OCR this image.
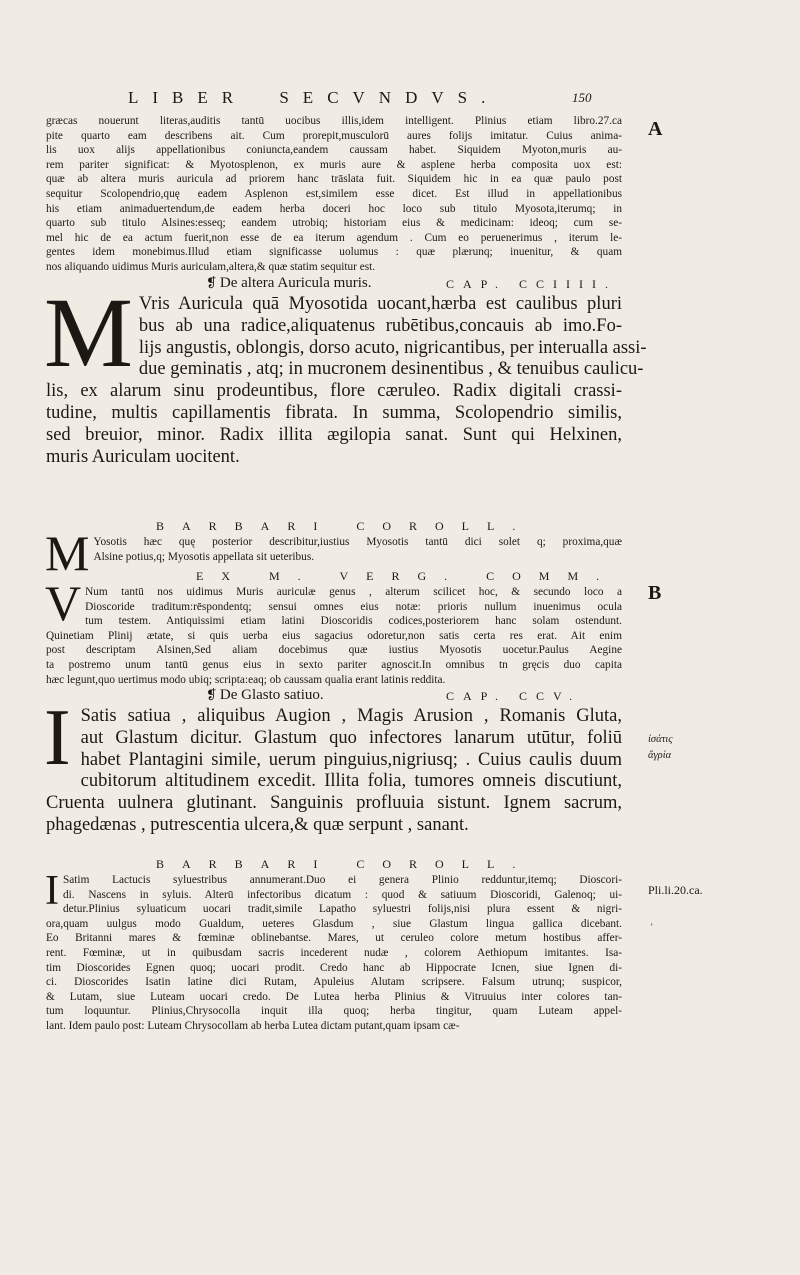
LIBER SECVNDVS.	150
græcas nouerunt literas,auditis tantū uocibus illis,idem intelligent. Plinius etiam libro.27.ca
pite quarto eam describens ait. Cum prorepit,musculorū aures folijs imitatur. Cuius anima-
lis uox alijs appellationibus coniuncta,eandem caussam habet. Siquidem Myoton,muris au-
rem pariter significat: & Myotosplenon, ex muris aure & asplene herba composita uox est:
quæ ab altera muris auricula ad priorem hanc trāslata fuit. Siquidem hic in ea quæ paulo post
sequitur Scolopendrio,quę eadem Asplenon est,similem esse dicet. Est illud in appellationibus
his etiam animaduertendum,de eadem herba doceri hoc loco sub titulo Myosota,iterumq; in
quarto sub titulo Alsines:esseq; eandem utrobiq; historiam eius & medicinam: ideoq; cum se-
mel hic de ea actum fuerit,non esse de ea iterum agendum . Cum eo peruenerimus , iterum le-
gentes idem monebimus.Illud etiam significasse uolumus : quæ plærunq; inuenitur, & quam
nos aliquando uidimus Muris auriculam,altera,& quæ statim sequitur est.
❡ De altera Auricula muris.	CAP. CCIIII.
M Vris Auricula quā Myosotida uocant,hærba est caulibus pluri
bus ab una radice,aliquatenus rubētibus,concauis ab imo.Fo-
lijs angustis, oblongis, dorso acuto, nigricantibus, per interualla assi-
due geminatis , atq; in mucronem desinentibus , & tenuibus caulicu-
lis, ex alarum sinu prodeuntibus, flore cæruleo. Radix digitali crassi-
tudine, multis capillamentis fibrata. In summa, Scolopendrio similis,
sed breuior, minor. Radix illita ægilopia sanat. Sunt qui Helxinen,
muris Auriculam uocitent.
BARBARI COROLL.
M Yosotis hæc quę posterior describitur,iustius Myosotis tantū dici solet q; proxima,quæ
Alsine potius,q; Myosotis appellata sit ueteribus.
EX M. VERG. COMM.
V Num tantū nos uidimus Muris auriculæ genus , alterum scilicet hoc, & secundo loco a
Dioscoride traditum:rēspondentq; sensui omnes eius notæ: prioris nullum inuenimus ocula
tum testem. Antiquissimi etiam latini Dioscoridis codices,posteriorem hanc solam ostendunt.
Quinetiam Plinij ætate, si quis uerba eius sagacius odoretur,non satis certa res erat. Ait enim
post descriptam Alsinen,Sed aliam docebimus quæ iustius Myosotis uocetur.Paulus Aegine
ta postremo unum tantū genus eius in sexto pariter agnoscit.In omnibus tn gręcis duo capita
hæc legunt,quo uertimus modo ubiq; scripta:eaq; ob caussam qualia erant latinis reddita.
❡ De Glasto satiuo.	CAP. CCV.
I Satis satiua , aliquibus Augion , Magis Arusion , Romanis Gluta,
aut Glastum dicitur. Glastum quo infectores lanarum utūtur, foliū
habet Plantagini simile, uerum pinguius,nigriusq; . Cuius caulis duum
cubitorum altitudinem excedit. Illita folia, tumores omneis discutiunt,
Cruenta uulnera glutinant. Sanguinis profluuia sistunt. Ignem sacrum,
phagedænas , putrescentia ulcera,& quæ serpunt , sanant.
BARBARI COROLL.
I Satim Lactucis syluestribus annumerant.Duo ei genera Plinio redduntur,itemq; Dioscori-
di. Nascens in syluis. Alterū infectoribus dicatum : quod & satiuum Dioscoridi, Galenoq; ui-
detur.Plinius syluaticum uocari tradit,simile Lapatho syluestri folijs,nisi plura essent & nigri-
ora,quam uulgus modo Gualdum, ueteres Glasdum , siue Glastum lingua gallica dicebant.
Eo Britanni mares & fœminæ oblinebantse. Mares, ut ceruleo colore metum hostibus affer-
rent. Fœminæ, ut in quibusdam sacris incederent nudæ , colorem Aethiopum imitantes. Isa-
tim Dioscorides Egnen quoq; uocari prodit. Credo hanc ab Hippocrate Icnen, siue Ignen di-
ci. Dioscorides Isatin latine dici Rutam, Apuleius Alutam scripsere. Falsum utrunq; suspicor,
& Lutam, siue Luteam uocari credo. De Lutea herba Plinius & Vitruuius inter colores tan-
tum loquuntur. Plinius,Chrysocolla inquit illa quoq; herba tingitur, quam Luteam appel-
lant. Idem paulo post: Luteam Chrysocollam ab herba Lutea dictam putant,quam ipsam cæ-
A
B
ἰσάτις
ἄγρία
Pli.li.20.ca.
'
